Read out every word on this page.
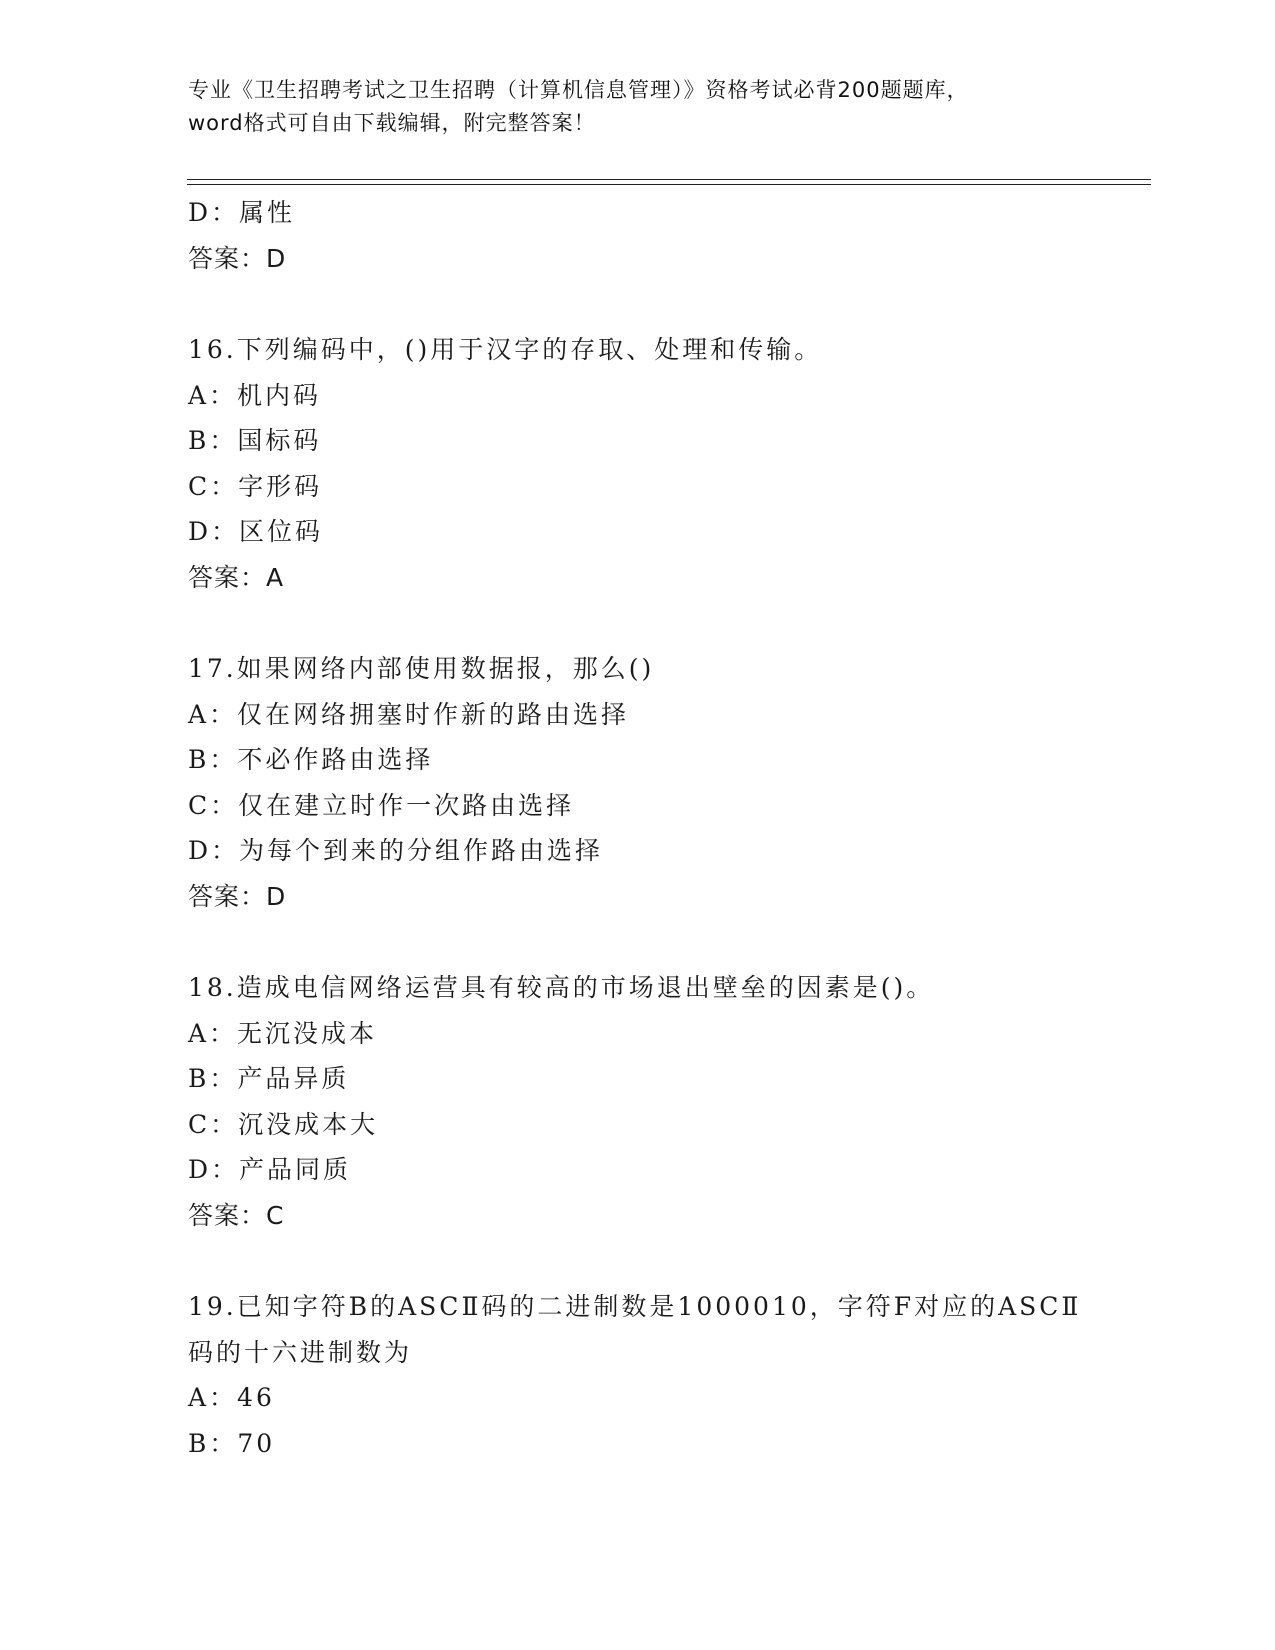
专业《卫生招聘考试之卫生招聘（计算机信息管理）》资格考试必背200题题库，
word格式可自由下载编辑，附完整答案！
D：属性
答案：D
16.下列编码中，()用于汉字的存取、处理和传输。
A：机内码
B：国标码
C：字形码
D：区位码
答案：A
17.如果网络内部使用数据报，那么()
A：仅在网络拥塞时作新的路由选择
B：不必作路由选择
C：仅在建立时作一次路由选择
D：为每个到来的分组作路由选择
答案：D
18.造成电信网络运营具有较高的市场退出壁垒的因素是()。
A：无沉没成本
B：产品异质
C：沉没成本大
D：产品同质
答案：C
19.已知字符B的ASCⅡ码的二进制数是1000010，字符F对应的ASCⅡ
码的十六进制数为
A：46
B：70
